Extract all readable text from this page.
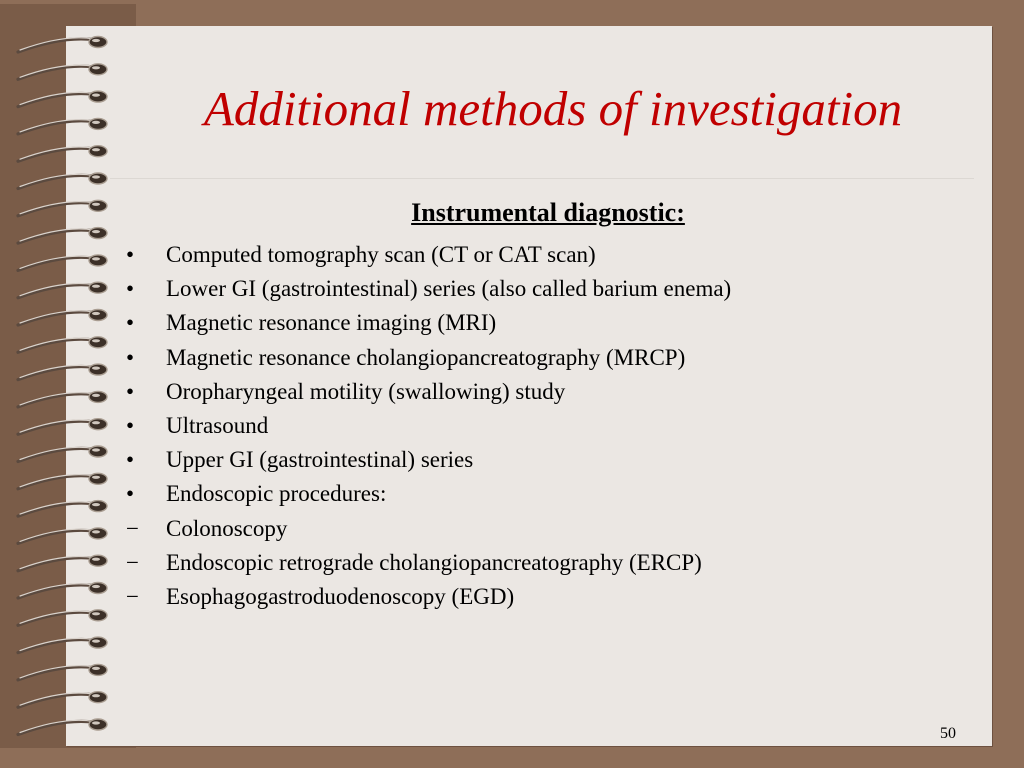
Additional methods of investigation
Instrumental diagnostic:
•	Computed tomography scan (CT or CAT scan)
•	Lower GI (gastrointestinal) series (also called barium enema)
•	Magnetic resonance imaging (MRI)
•	Magnetic resonance cholangiopancreatography (MRCP)
•	Oropharyngeal motility (swallowing) study
•	Ultrasound
•	Upper GI (gastrointestinal) series
•	Endoscopic procedures:
−	Colonoscopy
−	Endoscopic retrograde cholangiopancreatography (ERCP)
−	Esophagogastroduodenoscopy (EGD)
50
